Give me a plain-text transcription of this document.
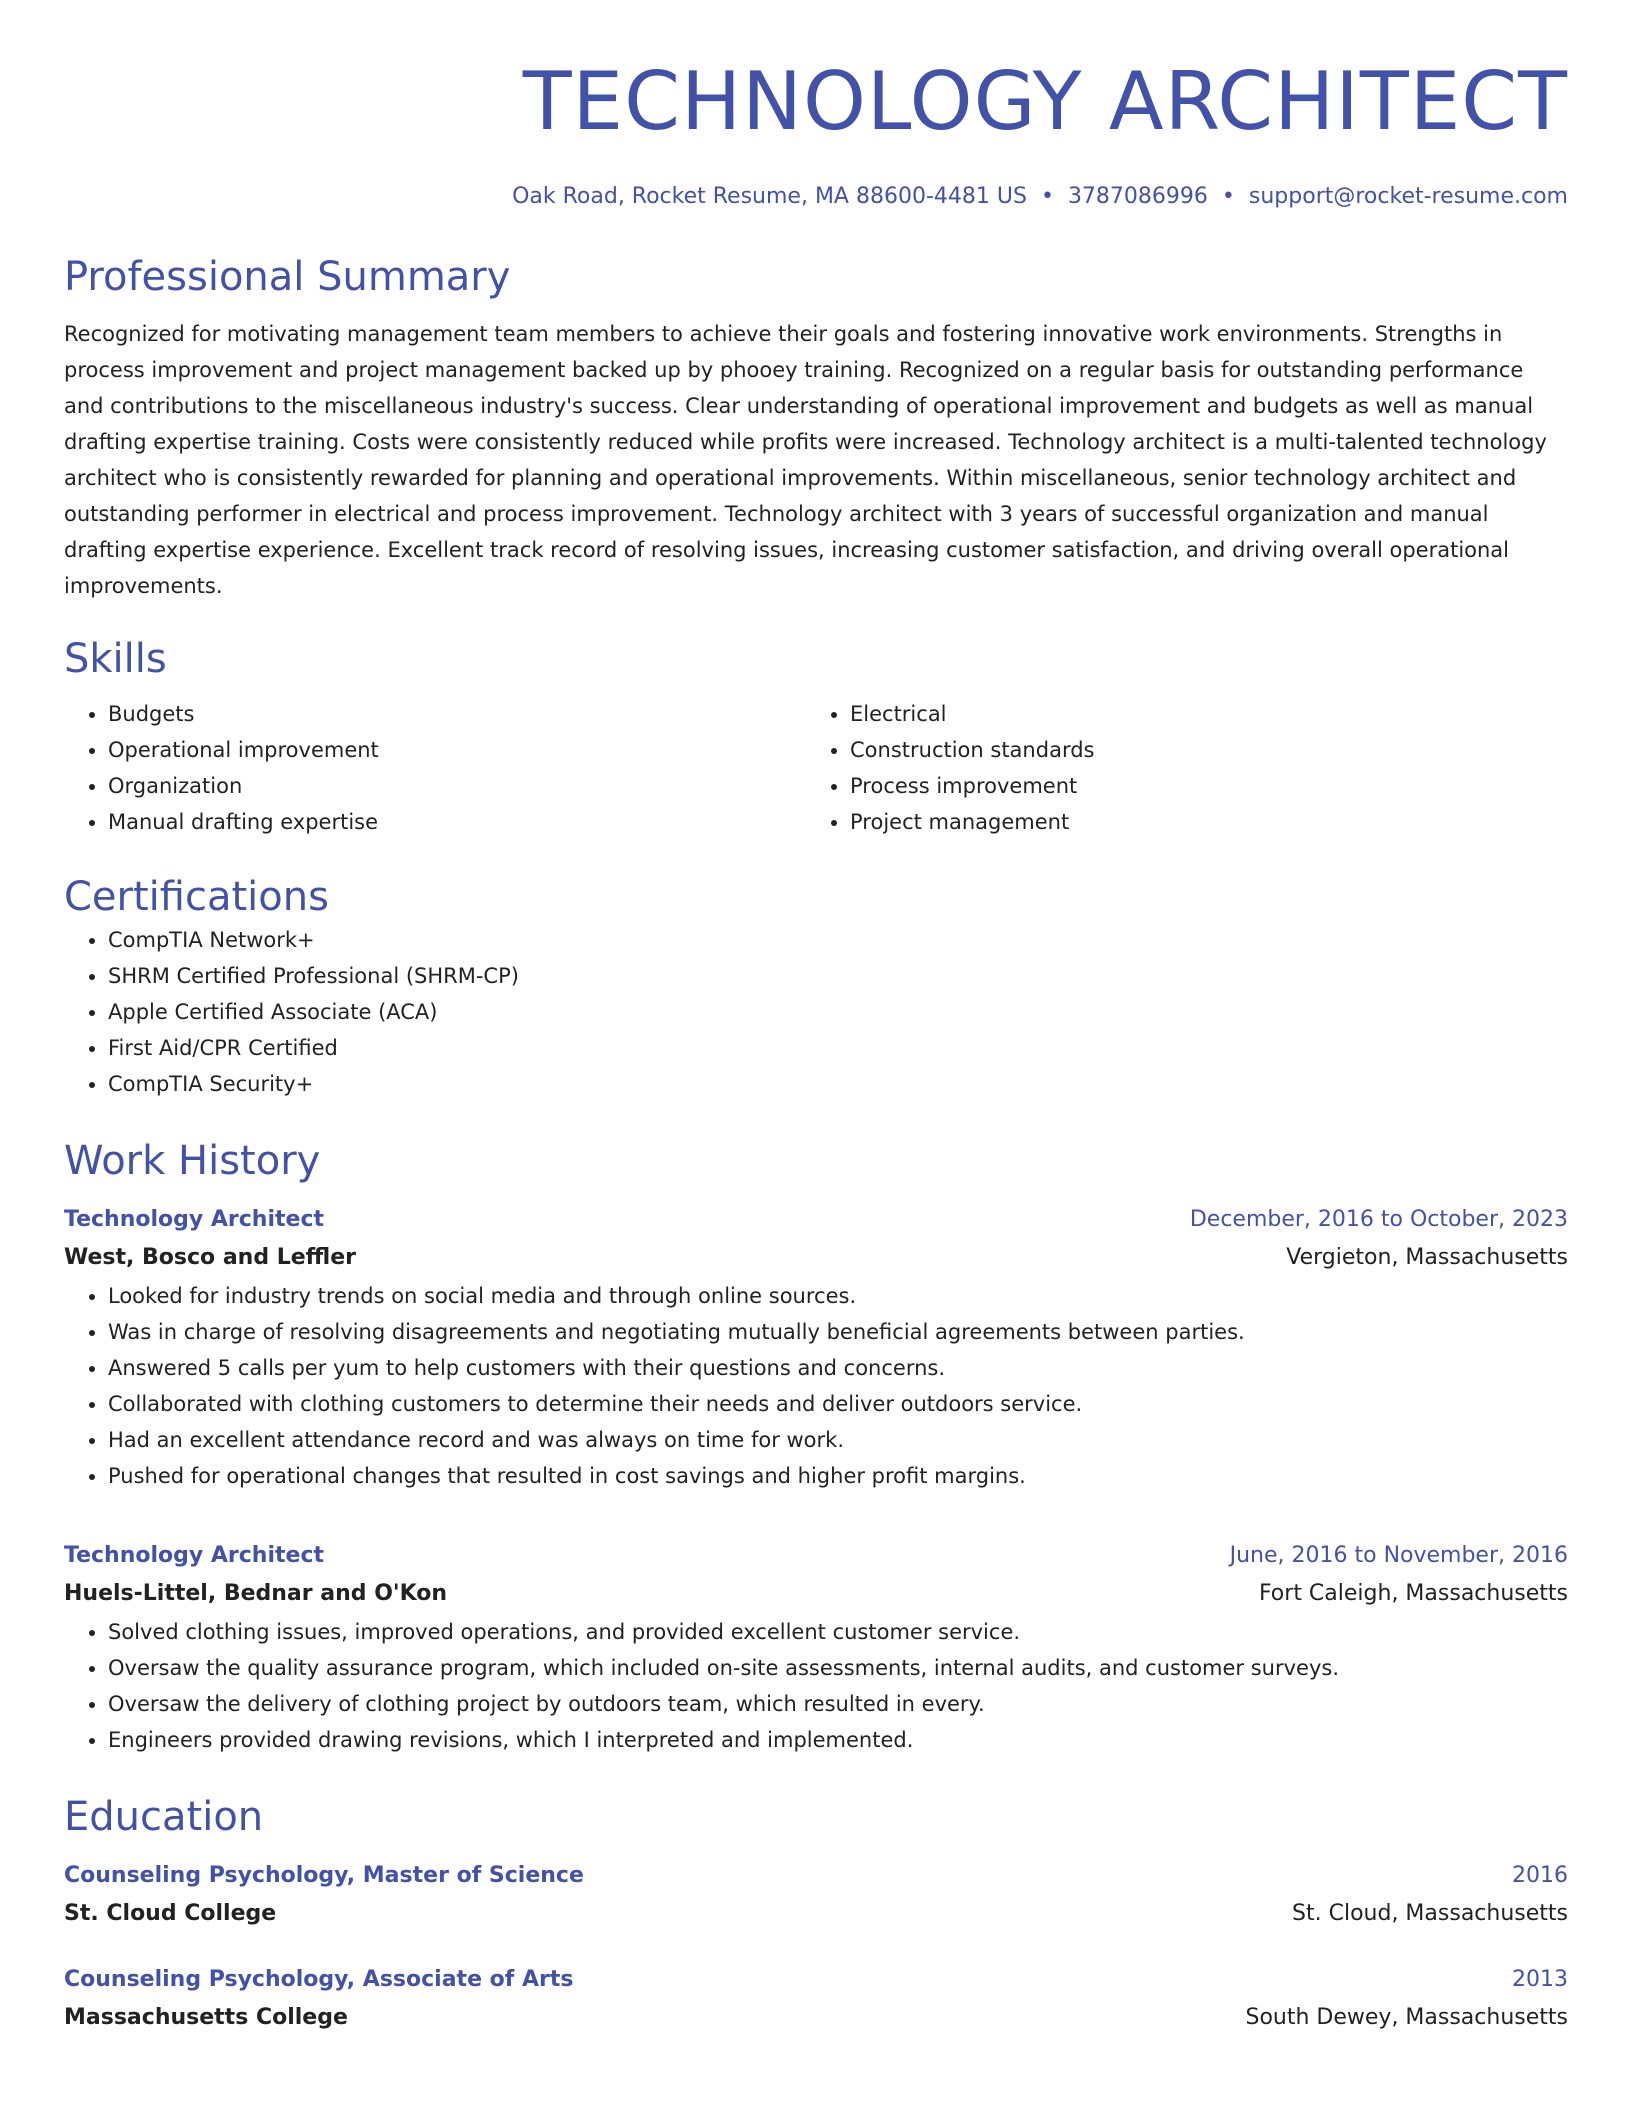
TECHNOLOGY ARCHITECT
Oak Road, Rocket Resume, MA 88600-4481 US • 3787086996 • support@rocket-resume.com
Professional Summary

Recognized for motivating management team members to achieve their goals and fostering innovative work environments. Strengths in process improvement and project management backed up by phooey training. Recognized on a regular basis for outstanding performance and contributions to the miscellaneous industry's success. Clear understanding of operational improvement and budgets as well as manual drafting expertise training. Costs were consistently reduced while profits were increased. Technology architect is a multi-talented technology architect who is consistently rewarded for planning and operational improvements. Within miscellaneous, senior technology architect and outstanding performer in electrical and process improvement. Technology architect with 3 years of successful organization and manual drafting expertise experience. Excellent track record of resolving issues, increasing customer satisfaction, and driving overall operational improvements.

Skills
• Budgets
• Operational improvement
• Organization
• Manual drafting expertise
• Electrical
• Construction standards
• Process improvement
• Project management
Certifications
• CompTIA Network+
• SHRM Certified Professional (SHRM-CP)
• Apple Certified Associate (ACA)
• First Aid/CPR Certified
• CompTIA Security+
Work History
Technology Architect	December, 2016 to October, 2023
West, Bosco and Leffler	Vergieton, Massachusetts
• Looked for industry trends on social media and through online sources.
• Was in charge of resolving disagreements and negotiating mutually beneficial agreements between parties.
• Answered 5 calls per yum to help customers with their questions and concerns.
• Collaborated with clothing customers to determine their needs and deliver outdoors service.
• Had an excellent attendance record and was always on time for work.
• Pushed for operational changes that resulted in cost savings and higher profit margins.
Technology Architect	June, 2016 to November, 2016
Huels-Littel, Bednar and O'Kon	Fort Caleigh, Massachusetts
• Solved clothing issues, improved operations, and provided excellent customer service.
• Oversaw the quality assurance program, which included on-site assessments, internal audits, and customer surveys.
• Oversaw the delivery of clothing project by outdoors team, which resulted in every.
• Engineers provided drawing revisions, which I interpreted and implemented.
Education
Counseling Psychology, Master of Science	2016
St. Cloud College	St. Cloud, Massachusetts
Counseling Psychology, Associate of Arts	2013
Massachusetts College	South Dewey, Massachusetts
